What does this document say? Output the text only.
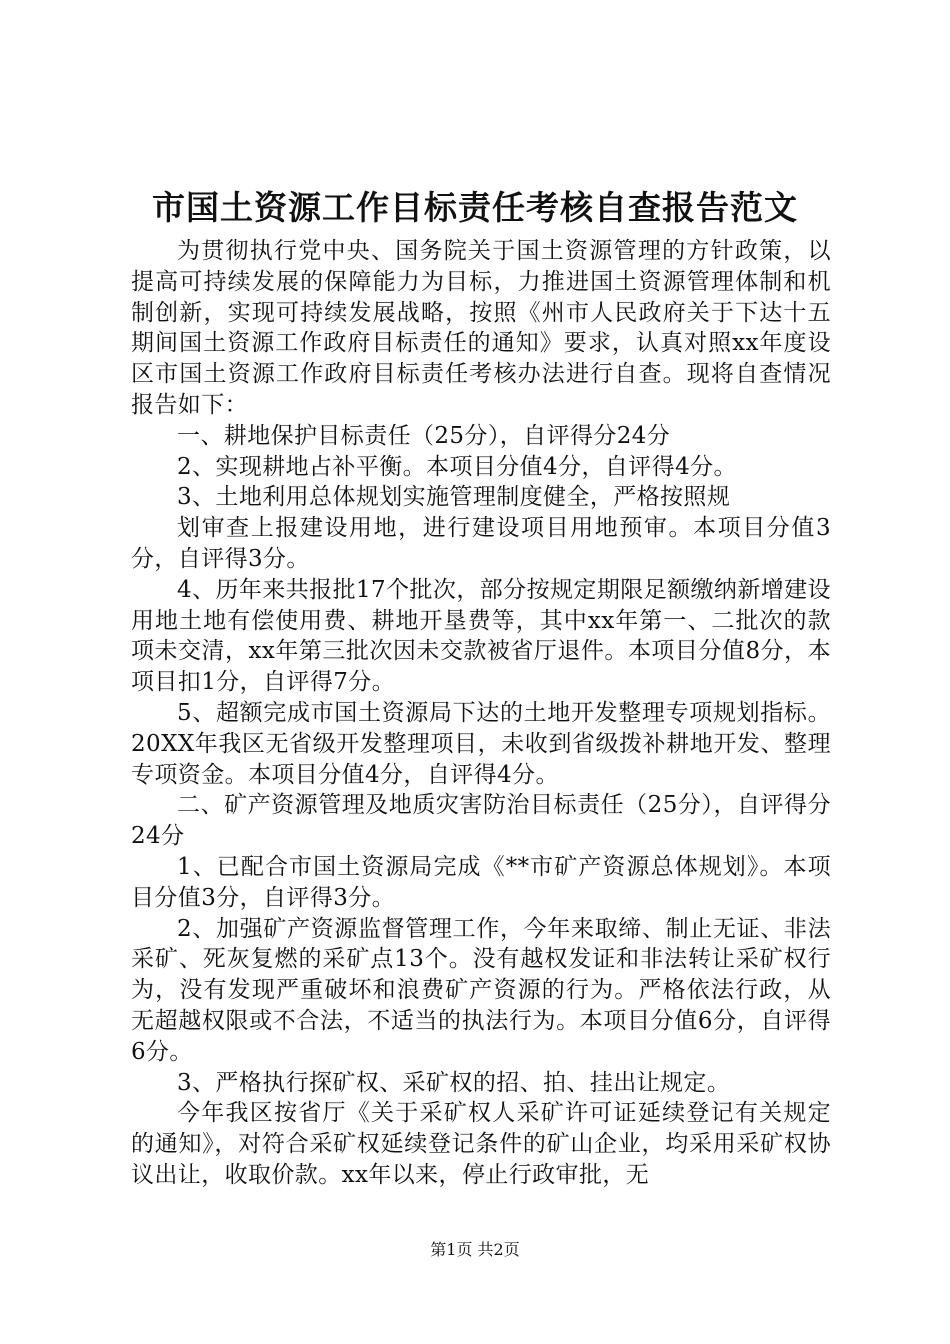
市国土资源工作目标责任考核自查报告范文

为贯彻执行党中央、国务院关于国土资源管理的方针政策，以提高可持续发展的保障能力为目标，力推进国土资源管理体制和机制创新，实现可持续发展战略，按照《州市人民政府关于下达十五期间国土资源工作政府目标责任的通知》要求，认真对照xx年度设区市国土资源工作政府目标责任考核办法进行自查。现将自查情况报告如下：

一、耕地保护目标责任（25分），自评得分24分

2、实现耕地占补平衡。本项目分值4分，自评得4分。

3、土地利用总体规划实施管理制度健全，严格按照规

划审查上报建设用地，进行建设项目用地预审。本项目分值3分，自评得3分。

4、历年来共报批17个批次，部分按规定期限足额缴纳新增建设用地土地有偿使用费、耕地开垦费等，其中xx年第一、二批次的款项未交清，xx年第三批次因未交款被省厅退件。本项目分值8分，本项目扣1分，自评得7分。

5、超额完成市国土资源局下达的土地开发整理专项规划指标。20XX年我区无省级开发整理项目，未收到省级拨补耕地开发、整理专项资金。本项目分值4分，自评得4分。

二、矿产资源管理及地质灾害防治目标责任（25分），自评得分24分

1、已配合市国土资源局完成《**市矿产资源总体规划》。本项目分值3分，自评得3分。

2、加强矿产资源监督管理工作，今年来取缔、制止无证、非法采矿、死灰复燃的采矿点13个。没有越权发证和非法转让采矿权行为，没有发现严重破坏和浪费矿产资源的行为。严格依法行政，从无超越权限或不合法，不适当的执法行为。本项目分值6分，自评得6分。

3、严格执行探矿权、采矿权的招、拍、挂出让规定。

今年我区按省厅《关于采矿权人采矿许可证延续登记有关规定的通知》，对符合采矿权延续登记条件的矿山企业，均采用采矿权协议出让，收取价款。xx年以来，停止行政审批，无

第1页 共2页
